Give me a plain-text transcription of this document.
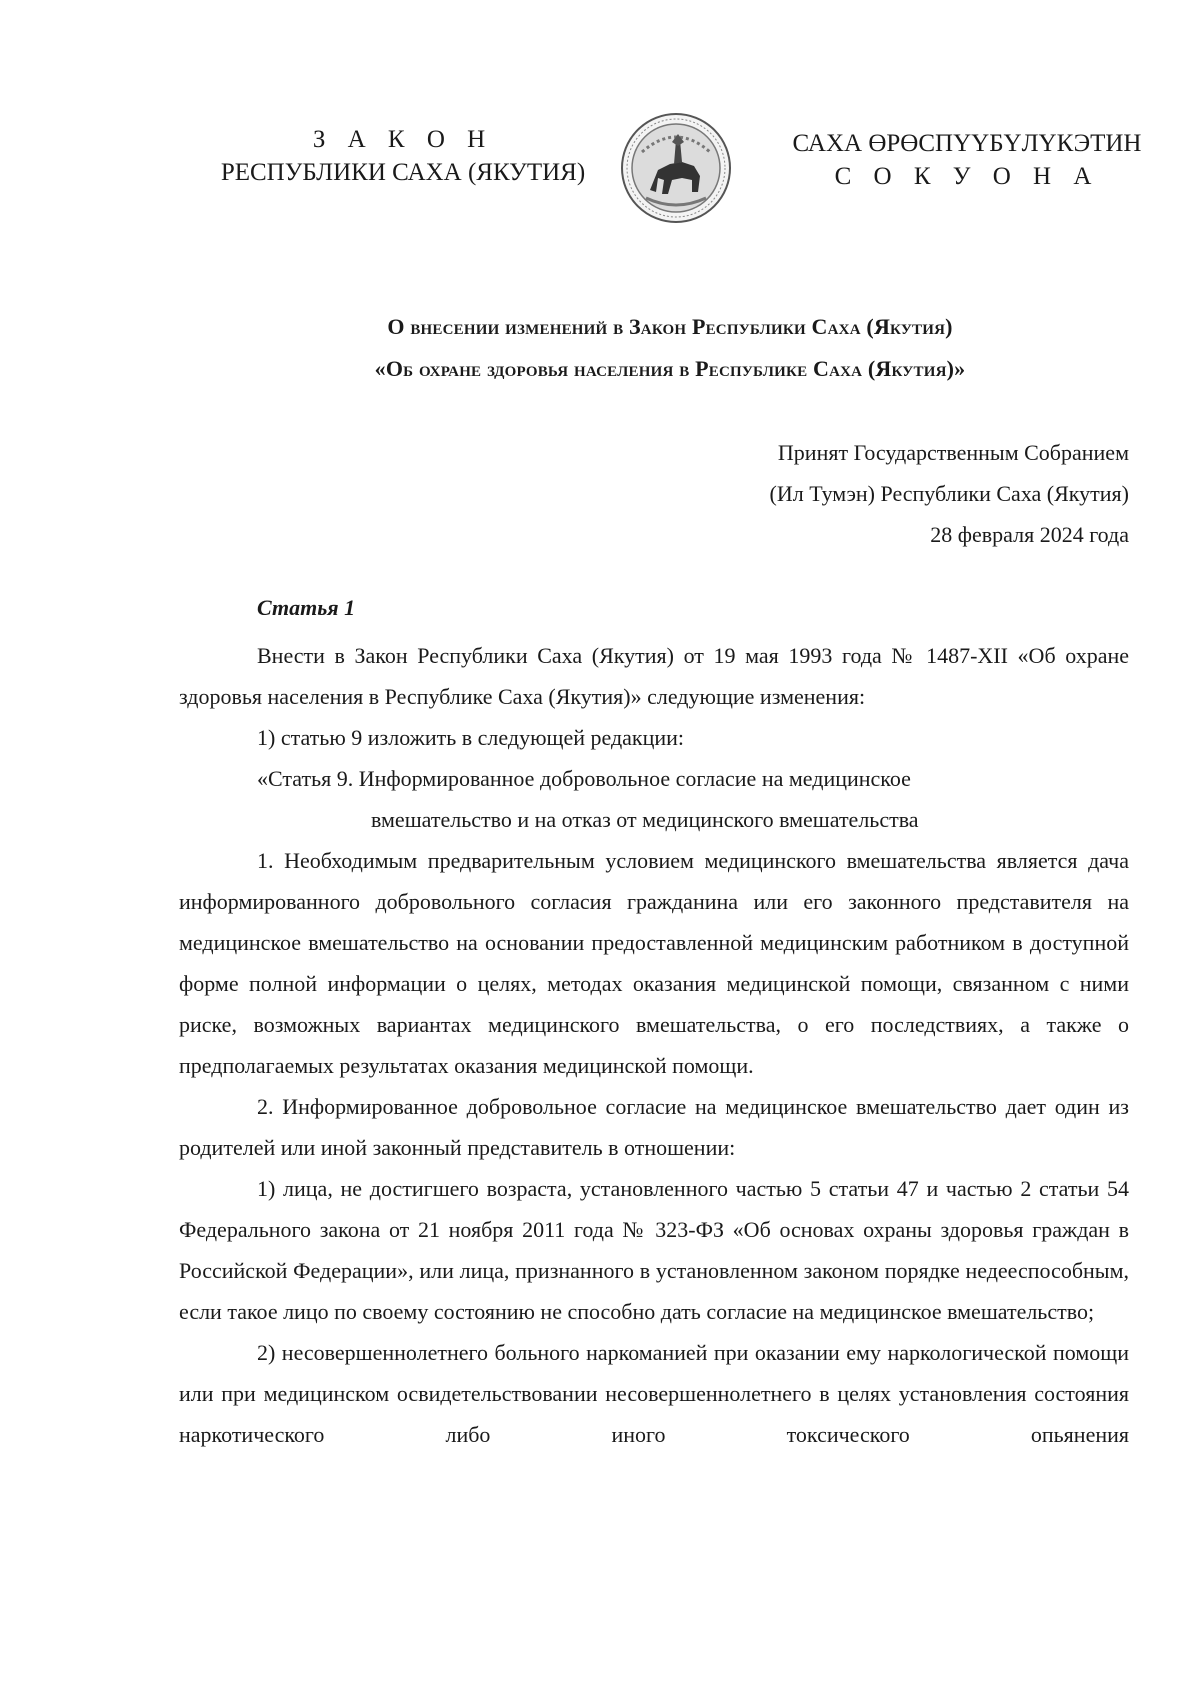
З А К О Н
РЕСПУБЛИКИ САХА (ЯКУТИЯ)
САХА ӨРӨСПҮҮБҮЛҮКЭТИН
С О К У О Н А
О внесении изменений в Закон Республики Саха (Якутия)
«Об охране здоровья населения в Республике Саха (Якутия)»
Принят Государственным Собранием
(Ил Тумэн) Республики Саха (Якутия)
28 февраля 2024 года
Статья 1

Внести в Закон Республики Саха (Якутия) от 19 мая 1993 года № 1487-XII «Об охране здоровья населения в Республике Саха (Якутия)» следующие изменения:

1) статью 9 изложить в следующей редакции:

«Статья 9. Информированное добровольное согласие на медицинское

вмешательство и на отказ от медицинского вмешательства

1. Необходимым предварительным условием медицинского вмешательства является дача информированного добровольного согласия гражданина или его законного представителя на медицинское вмешательство на основании предоставленной медицинским работником в доступной форме полной информации о целях, методах оказания медицинской помощи, связанном с ними риске, возможных вариантах медицинского вмешательства, о его последствиях, а также о предполагаемых результатах оказания медицинской помощи.

2. Информированное добровольное согласие на медицинское вмешательство дает один из родителей или иной законный представитель в отношении:

1) лица, не достигшего возраста, установленного частью 5 статьи 47 и частью 2 статьи 54 Федерального закона от 21 ноября 2011 года № 323-ФЗ «Об основах охраны здоровья граждан в Российской Федерации», или лица, признанного в установленном законом порядке недееспособным, если такое лицо по своему состоянию не способно дать согласие на медицинское вмешательство;

2) несовершеннолетнего больного наркоманией при оказании ему наркологической помощи или при медицинском освидетельствовании несовершеннолетнего в целях установления состояния наркотического либо иного токсического опьянения
